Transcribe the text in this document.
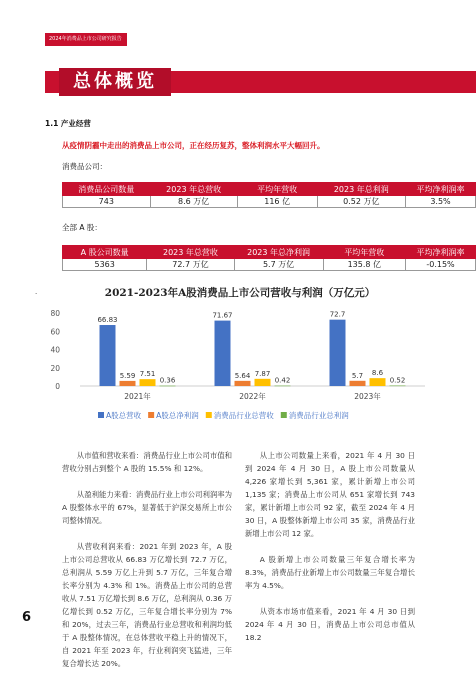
2024年消费品上市公司研究报告
总体概览
1.1 产业经营
从疫情阴霾中走出的消费品上市公司，正在经历复苏，整体利润水平大幅回升。
消费品公司：
消费品公司数量	2023 年总营收	平均年营收	2023 年总利润	平均净利润率
743	8.6 万亿	116 亿	0.52 万亿	3.5%
全部 A 股：
A 股公司数量	2023 年总营收	2023 年总净利润	平均年营收	平均净利润率
5363	72.7 万亿	5.7 万亿	135.8 亿	-0.15%
.	2021-2023年A股消费品上市公司营收与利润（万亿元）
0
20
40
60
80
66.83
5.59 7.51
0.36
2021年
71.67
5.64 7.87
0.42
2022年
72.7
5.7 8.6
0.52
2023年
A股总营收 A股总净利润 消费品行业总营收 消费品行业总利润

从市值和营收来看：消费品行业上市公司市值和营收分别占到整个 A 股的 15.5% 和 12%。

从盈利能力来看：消费品行业上市公司利润率为 A 股整体水平的 67%，显著低于沪深交易所上市公司整体情况。

从营收利润来看：2021 年到 2023 年，A 股上市公司总营收从 66.83 万亿增长到 72.7 万亿，总利润从 5.59 万亿上升到 5.7 万亿，三年复合增长率分别为 4.3% 和 1%。消费品上市公司的总营收从 7.51 万亿增长到 8.6 万亿，总利润从 0.36 万亿增长到 0.52 万亿，三年复合增长率分别为 7% 和 20%，过去三年，消费品行业总营收和利润均低于 A 股整体情况，在总体营收平稳上升的情况下，自 2021 年至 2023 年，行业利润突飞猛进，三年复合增长达 20%。

从上市公司数量上来看，2021 年 4 月 30 日到 2024 年 4 月 30 日，A 股上市公司数量从 4,226 家增长到 5,361 家，累计新增上市公司 1,135 家；消费品上市公司从 651 家增长到 743 家，累计新增上市公司 92 家，截至 2024 年 4 月 30 日，A 股整体新增上市公司 35 家，消费品行业新增上市公司 12 家。

A 股新增上市公司数量三年复合增长率为 8.3%，消费品行业新增上市公司数量三年复合增长率为 4.5%。

从资本市场市值来看，2021 年 4 月 30 日到 2024 年 4 月 30 日，消费品上市公司总市值从 18.2

6
